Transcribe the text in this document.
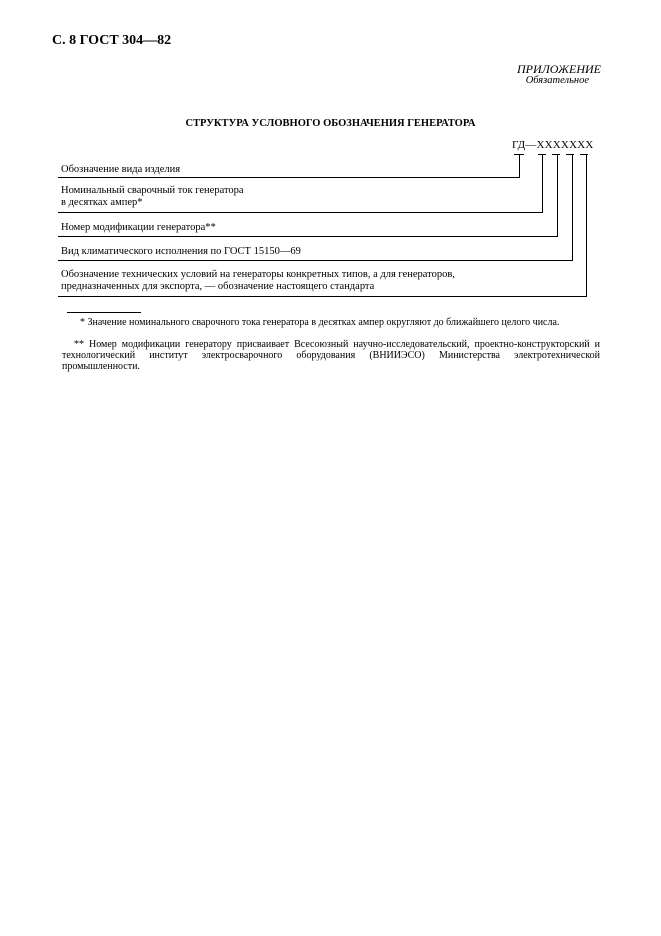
С. 8 ГОСТ 304—82
ПРИЛОЖЕНИЕ
Обязательное
СТРУКТУРА УСЛОВНОГО ОБОЗНАЧЕНИЯ ГЕНЕРАТОРА
ГД—ХХХХХХХ
Обозначение вида изделия
Номинальный сварочный ток генератора
в десятках ампер*
Номер модификации генератора**
Вид климатического исполнения по ГОСТ 15150—69
Обозначение технических условий на генераторы конкретных типов, а для генераторов,
предназначенных для экспорта, — обозначение настоящего стандарта
* Значение номинального сварочного тока генератора в десятках ампер округляют до ближайшего целого числа.
** Номер модификации генератору присваивает Всесоюзный научно-исследовательский, проектно-конструкторский и технологический институт электросварочного оборудования (ВНИИЭСО) Министерства электротехнической промышленности.
